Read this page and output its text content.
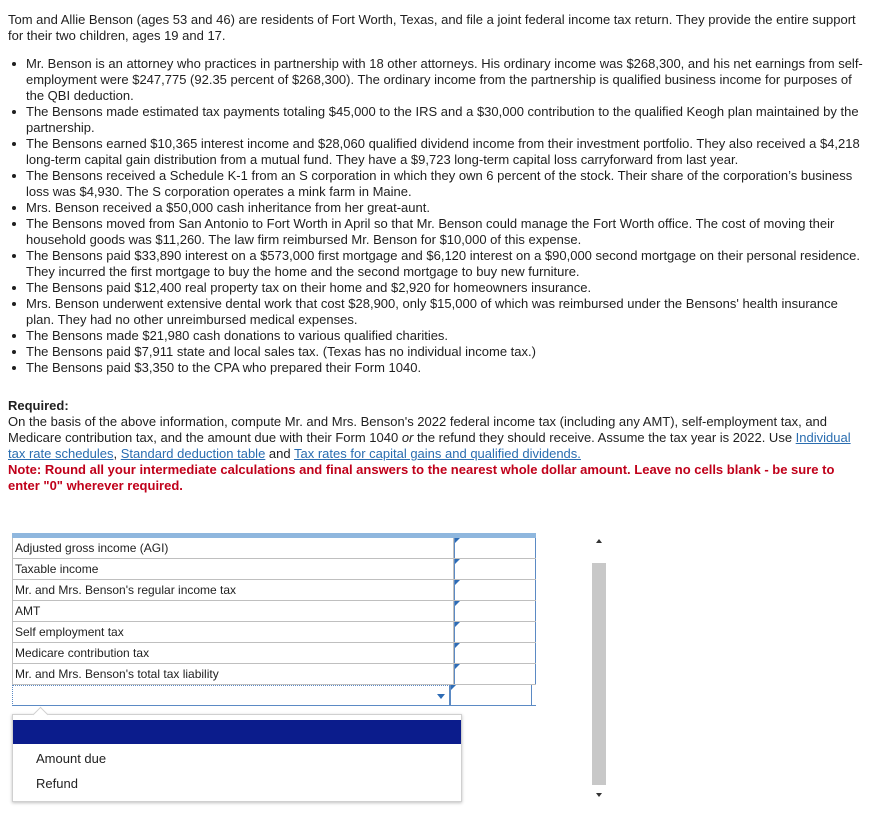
Tom and Allie Benson (ages 53 and 46) are residents of Fort Worth, Texas, and file a joint federal income tax return. They provide the entire support for their two children, ages 19 and 17.

Mr. Benson is an attorney who practices in partnership with 18 other attorneys. His ordinary income was $268,300, and his net earnings from self-employment were $247,775 (92.35 percent of $268,300). The ordinary income from the partnership is qualified business income for purposes of the QBI deduction.
The Bensons made estimated tax payments totaling $45,000 to the IRS and a $30,000 contribution to the qualified Keogh plan maintained by the partnership.
The Bensons earned $10,365 interest income and $28,060 qualified dividend income from their investment portfolio. They also received a $4,218 long-term capital gain distribution from a mutual fund. They have a $9,723 long-term capital loss carryforward from last year.
The Bensons received a Schedule K-1 from an S corporation in which they own 6 percent of the stock. Their share of the corporation’s business loss was $4,930. The S corporation operates a mink farm in Maine.
Mrs. Benson received a $50,000 cash inheritance from her great-aunt.
The Bensons moved from San Antonio to Fort Worth in April so that Mr. Benson could manage the Fort Worth office. The cost of moving their household goods was $11,260. The law firm reimbursed Mr. Benson for $10,000 of this expense.
The Bensons paid $33,890 interest on a $573,000 first mortgage and $6,120 interest on a $90,000 second mortgage on their personal residence. They incurred the first mortgage to buy the home and the second mortgage to buy new furniture.
The Bensons paid $12,400 real property tax on their home and $2,920 for homeowners insurance.
Mrs. Benson underwent extensive dental work that cost $28,900, only $15,000 of which was reimbursed under the Bensons' health insurance plan. They had no other unreimbursed medical expenses.
The Bensons made $21,980 cash donations to various qualified charities.
The Bensons paid $7,911 state and local sales tax. (Texas has no individual income tax.)
The Bensons paid $3,350 to the CPA who prepared their Form 1040.
Required:
On the basis of the above information, compute Mr. and Mrs. Benson's 2022 federal income tax (including any AMT), self-employment tax, and Medicare contribution tax, and the amount due with their Form 1040 or the refund they should receive. Assume the tax year is 2022. Use Individual tax rate schedules, Standard deduction table and Tax rates for capital gains and qualified dividends.
Note: Round all your intermediate calculations and final answers to the nearest whole dollar amount. Leave no cells blank - be sure to enter "0" wherever required.
Adjusted gross income (AGI)
Taxable income
Mr. and Mrs. Benson's regular income tax
AMT
Self employment tax
Medicare contribution tax
Mr. and Mrs. Benson's total tax liability
Amount due
Refund
